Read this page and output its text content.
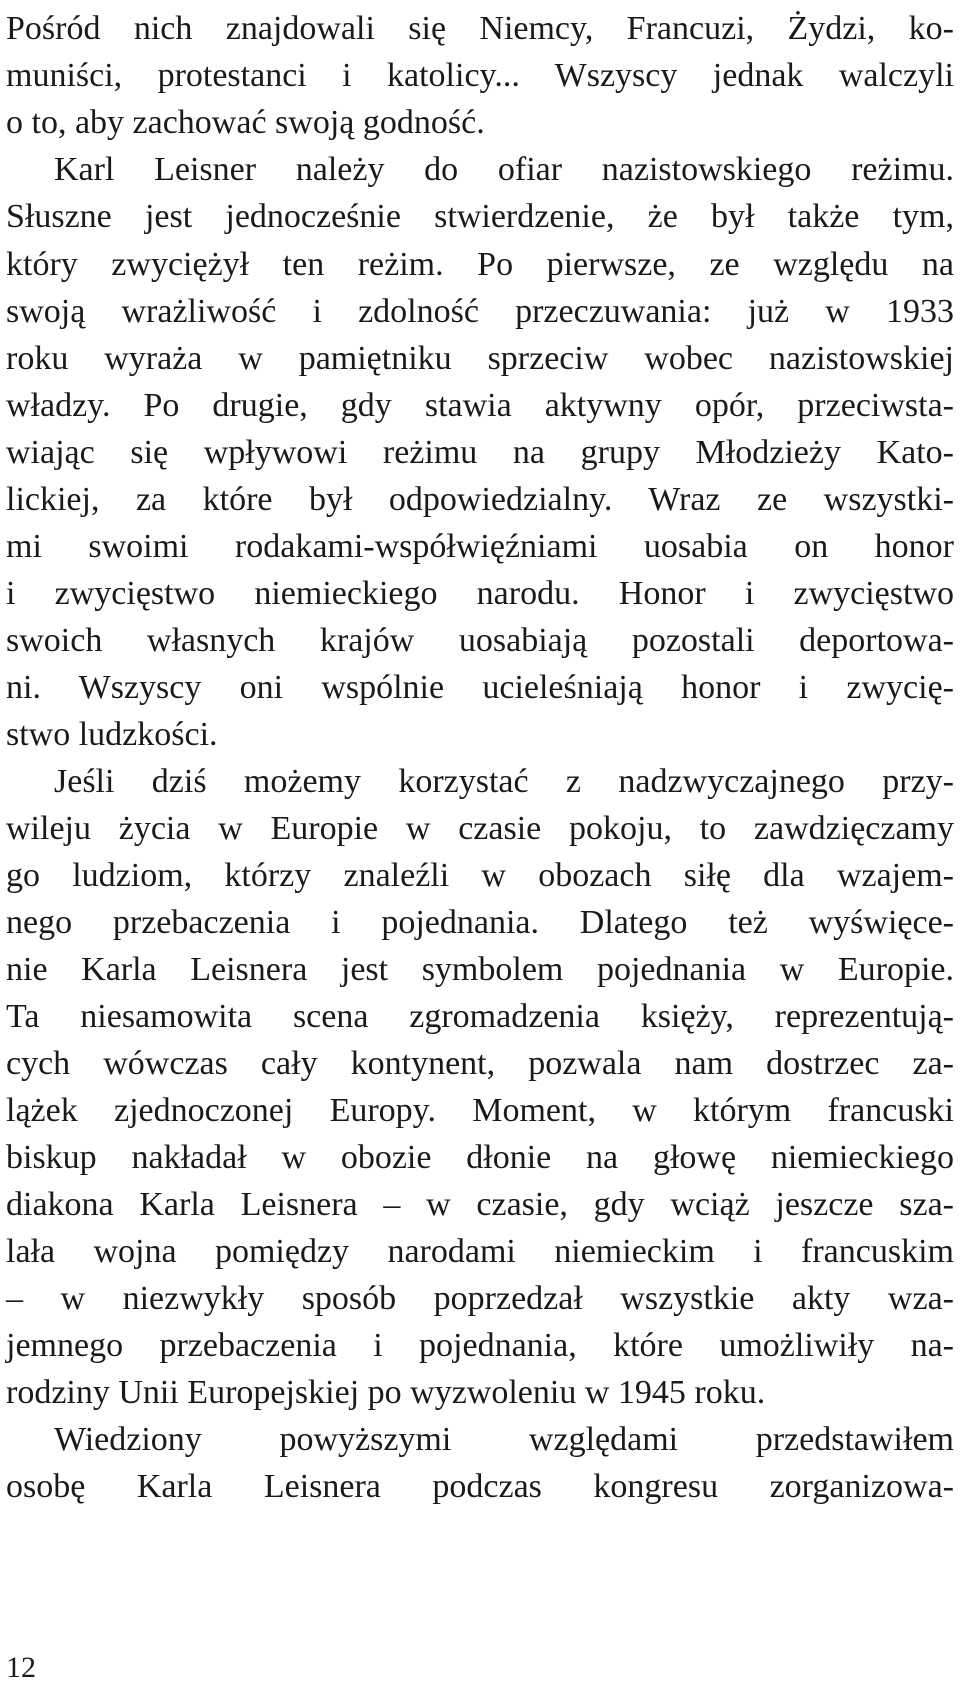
Pośród nich znajdowali się Niemcy, Francuzi, Żydzi, ko-
muniści, protestanci i katolicy... Wszyscy jednak walczyli
o to, aby zachować swoją godność.
Karl Leisner należy do ofiar nazistowskiego reżimu.
Słuszne jest jednocześnie stwierdzenie, że był także tym,
który zwyciężył ten reżim. Po pierwsze, ze względu na
swoją wrażliwość i zdolność przeczuwania: już w 1933
roku wyraża w pamiętniku sprzeciw wobec nazistowskiej
władzy. Po drugie, gdy stawia aktywny opór, przeciwsta-
wiając się wpływowi reżimu na grupy Młodzieży Kato-
lickiej, za które był odpowiedzialny. Wraz ze wszystki-
mi swoimi rodakami-współwięźniami uosabia on honor
i zwycięstwo niemieckiego narodu. Honor i zwycięstwo
swoich własnych krajów uosabiają pozostali deportowa-
ni. Wszyscy oni wspólnie ucieleśniają honor i zwycię-
stwo ludzkości.
Jeśli dziś możemy korzystać z nadzwyczajnego przy-
wileju życia w Europie w czasie pokoju, to zawdzięczamy
go ludziom, którzy znaleźli w obozach siłę dla wzajem-
nego przebaczenia i pojednania. Dlatego też wyświęce-
nie Karla Leisnera jest symbolem pojednania w Europie.
Ta niesamowita scena zgromadzenia księży, reprezentują-
cych wówczas cały kontynent, pozwala nam dostrzec za-
lążek zjednoczonej Europy. Moment, w którym francuski
biskup nakładał w obozie dłonie na głowę niemieckiego
diakona Karla Leisnera – w czasie, gdy wciąż jeszcze sza-
lała wojna pomiędzy narodami niemieckim i francuskim
– w niezwykły sposób poprzedzał wszystkie akty wza-
jemnego przebaczenia i pojednania, które umożliwiły na-
rodziny Unii Europejskiej po wyzwoleniu w 1945 roku.
Wiedziony powyższymi względami przedstawiłem
osobę Karla Leisnera podczas kongresu zorganizowa-
12
